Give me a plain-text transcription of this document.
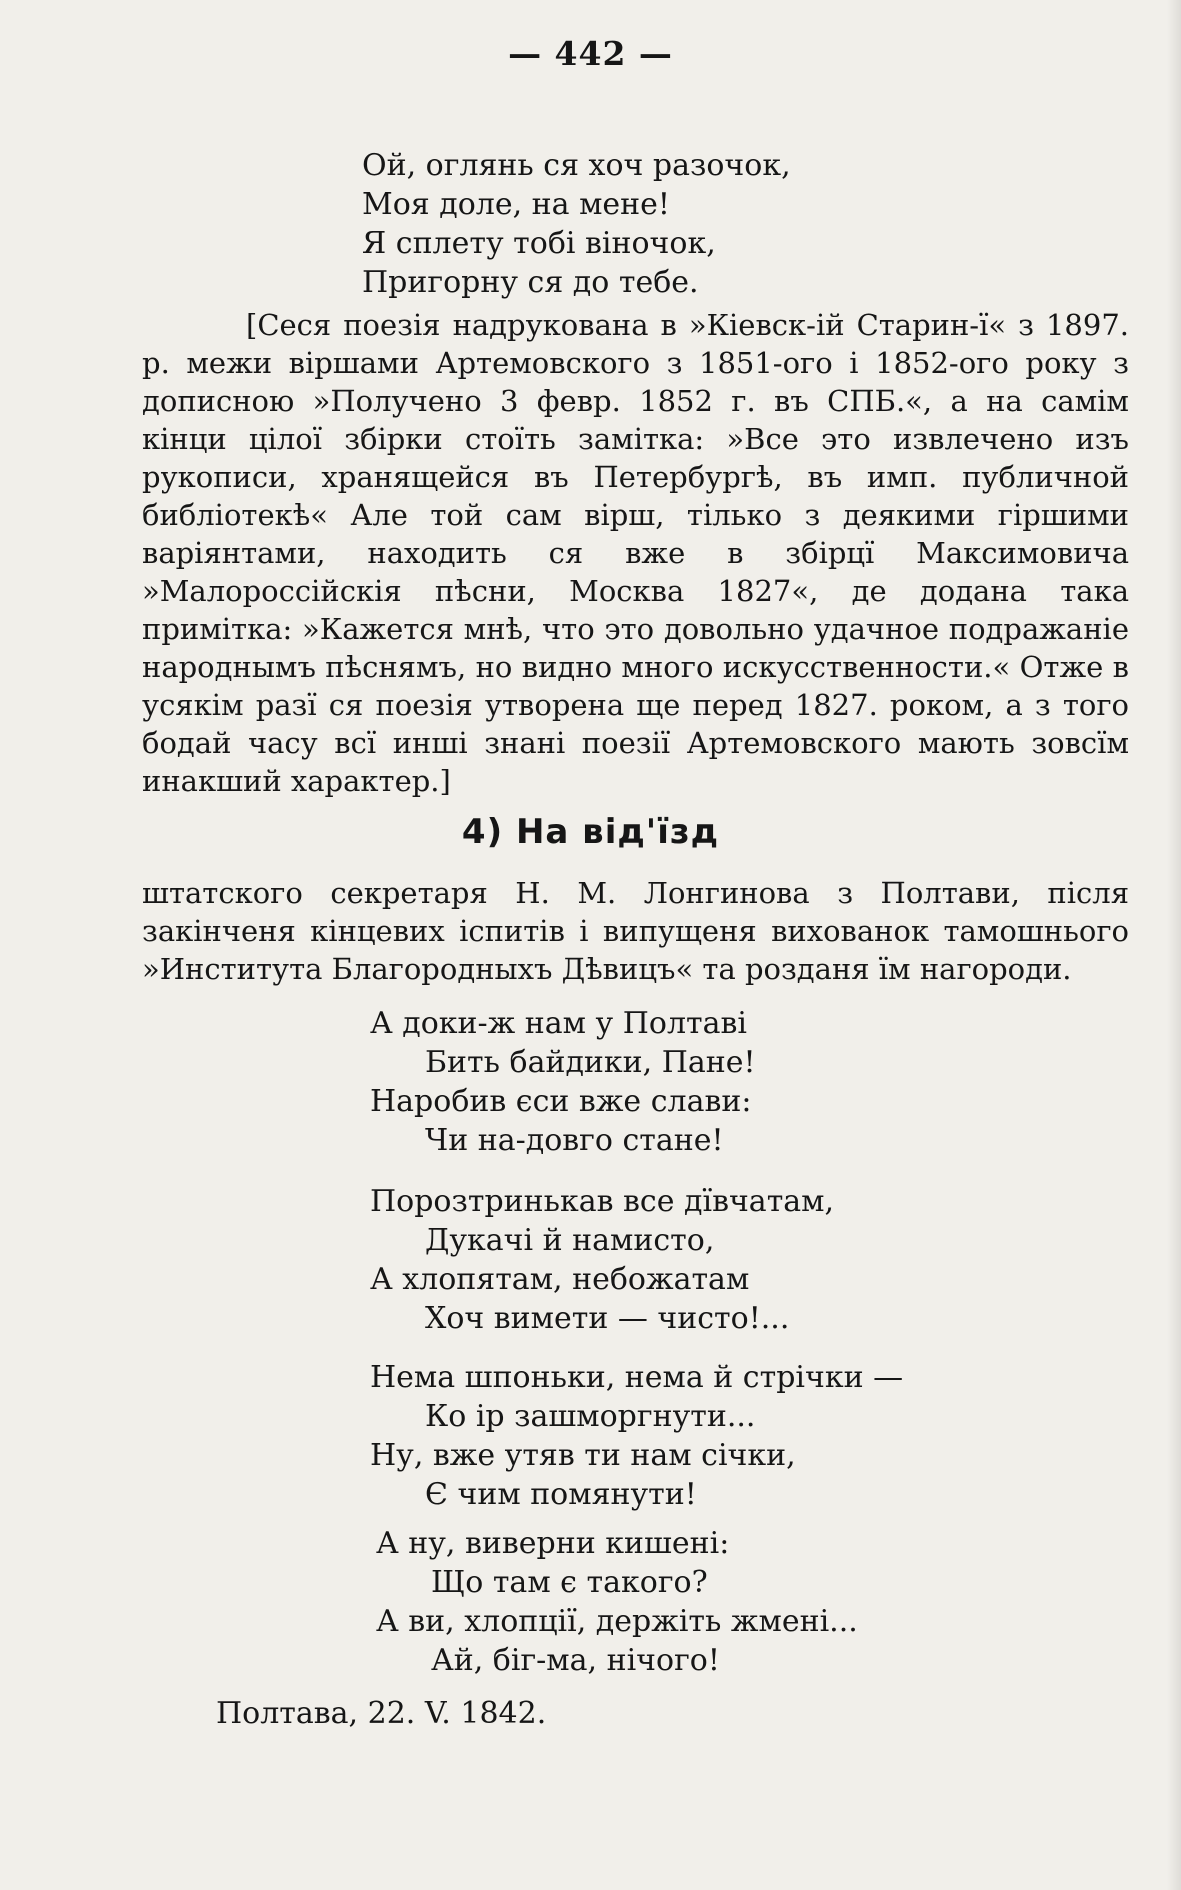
— 442 —
Ой, оглянь ся хоч разочок,
Моя доле, на мене!
Я сплету тобі віночок,
Пригорну ся до тебе.
[Сеся поезія надрукована в »Кіевск-ій Старин-ї« з 1897. р. межи віршами Артемовского з 1851-ого і 1852-ого року з дописною »Получено 3 февр. 1852 г. въ СПБ.«, а на самім кінци цілої збірки стоїть замітка: »Все это извлечено изъ рукописи, хранящейся въ Петербургѣ, въ имп. публичной библіотекѣ« Але той сам вірш, тілько з деякими гіршими варіянтами, находить ся вже в збірцї Максимовича »Малороссійскія пѣсни, Москва 1827«, де додана така примітка: »Кажется мнѣ, что это довольно удачное подражаніе народнымъ пѣснямъ, но видно много искусственности.« Отже в усякім разї ся поезія утворена ще перед 1827. роком, а з того бодай часу всї инші знані поезії Артемовского мають зовсїм инакший характер.]
4) На від'їзд
штатского секретаря Н. М. Лонгинова з Полтави, після закінченя кінцевих іспитів і випущеня вихованок тамошнього »Института Благородныхъ Дѣвицъ« та розданя їм нагороди.
А доки-ж нам у Полтаві
Бить байдики, Пане!
Наробив єси вже слави:
Чи на-довго стане!
Порозтринькав все дївчатам,
Дукачі й намисто,
А хлопятам, небожатам
Хоч вимети — чисто!...
Нема шпоньки, нема й стрічки —
Ко ір зашморгнути...
Ну, вже утяв ти нам січки,
Є чим помянути!
А ну, виверни кишені:
Що там є такого?
А ви, хлопції, держіть жмені...
Ай, біг-ма, нічого!
Полтава, 22. V. 1842.
